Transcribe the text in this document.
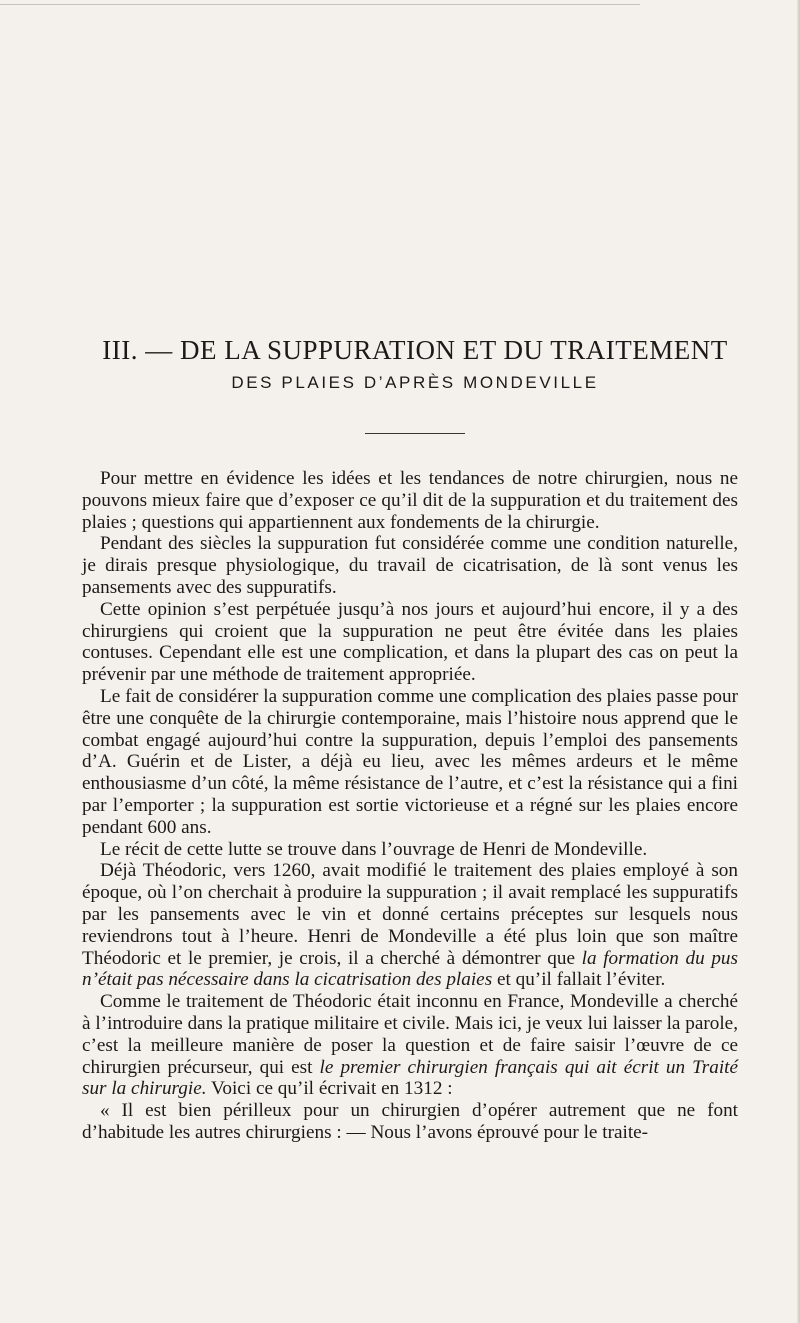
III. — DE LA SUPPURATION ET DU TRAITEMENT
DES PLAIES D’APRÈS MONDEVILLE

Pour mettre en évidence les idées et les tendances de notre chirurgien, nous ne pouvons mieux faire que d’exposer ce qu’il dit de la suppuration et du traitement des plaies ; questions qui appartiennent aux fondements de la chirurgie.

Pendant des siècles la suppuration fut considérée comme une condition naturelle, je dirais presque physiologique, du travail de cicatrisation, de là sont venus les pansements avec des suppuratifs.

Cette opinion s’est perpétuée jusqu’à nos jours et aujourd’hui encore, il y a des chirurgiens qui croient que la suppuration ne peut être évitée dans les plaies contuses. Cependant elle est une complication, et dans la plupart des cas on peut la prévenir par une méthode de traitement appropriée.

Le fait de considérer la suppuration comme une complication des plaies passe pour être une conquête de la chirurgie contemporaine, mais l’histoire nous apprend que le combat engagé aujourd’hui contre la suppuration, depuis l’emploi des pansements d’A. Guérin et de Lister, a déjà eu lieu, avec les mêmes ardeurs et le même enthousiasme d’un côté, la même résistance de l’autre, et c’est la résistance qui a fini par l’emporter ; la suppuration est sortie victorieuse et a régné sur les plaies encore pendant 600 ans.

Le récit de cette lutte se trouve dans l’ouvrage de Henri de Mondeville.

Déjà Théodoric, vers 1260, avait modifié le traitement des plaies employé à son époque, où l’on cherchait à produire la suppuration ; il avait remplacé les suppuratifs par les pansements avec le vin et donné certains préceptes sur lesquels nous reviendrons tout à l’heure. Henri de Mondeville a été plus loin que son maître Théodoric et le premier, je crois, il a cherché à démontrer que la formation du pus n’était pas nécessaire dans la cicatrisation des plaies et qu’il fallait l’éviter.

Comme le traitement de Théodoric était inconnu en France, Mondeville a cherché à l’introduire dans la pratique militaire et civile. Mais ici, je veux lui laisser la parole, c’est la meilleure manière de poser la question et de faire saisir l’œuvre de ce chirurgien précurseur, qui est le premier chirurgien français qui ait écrit un Traité sur la chirurgie. Voici ce qu’il écrivait en 1312 :

« Il est bien périlleux pour un chirurgien d’opérer autrement que ne font d’habitude les autres chirurgiens : — Nous l’avons éprouvé pour le traite-
